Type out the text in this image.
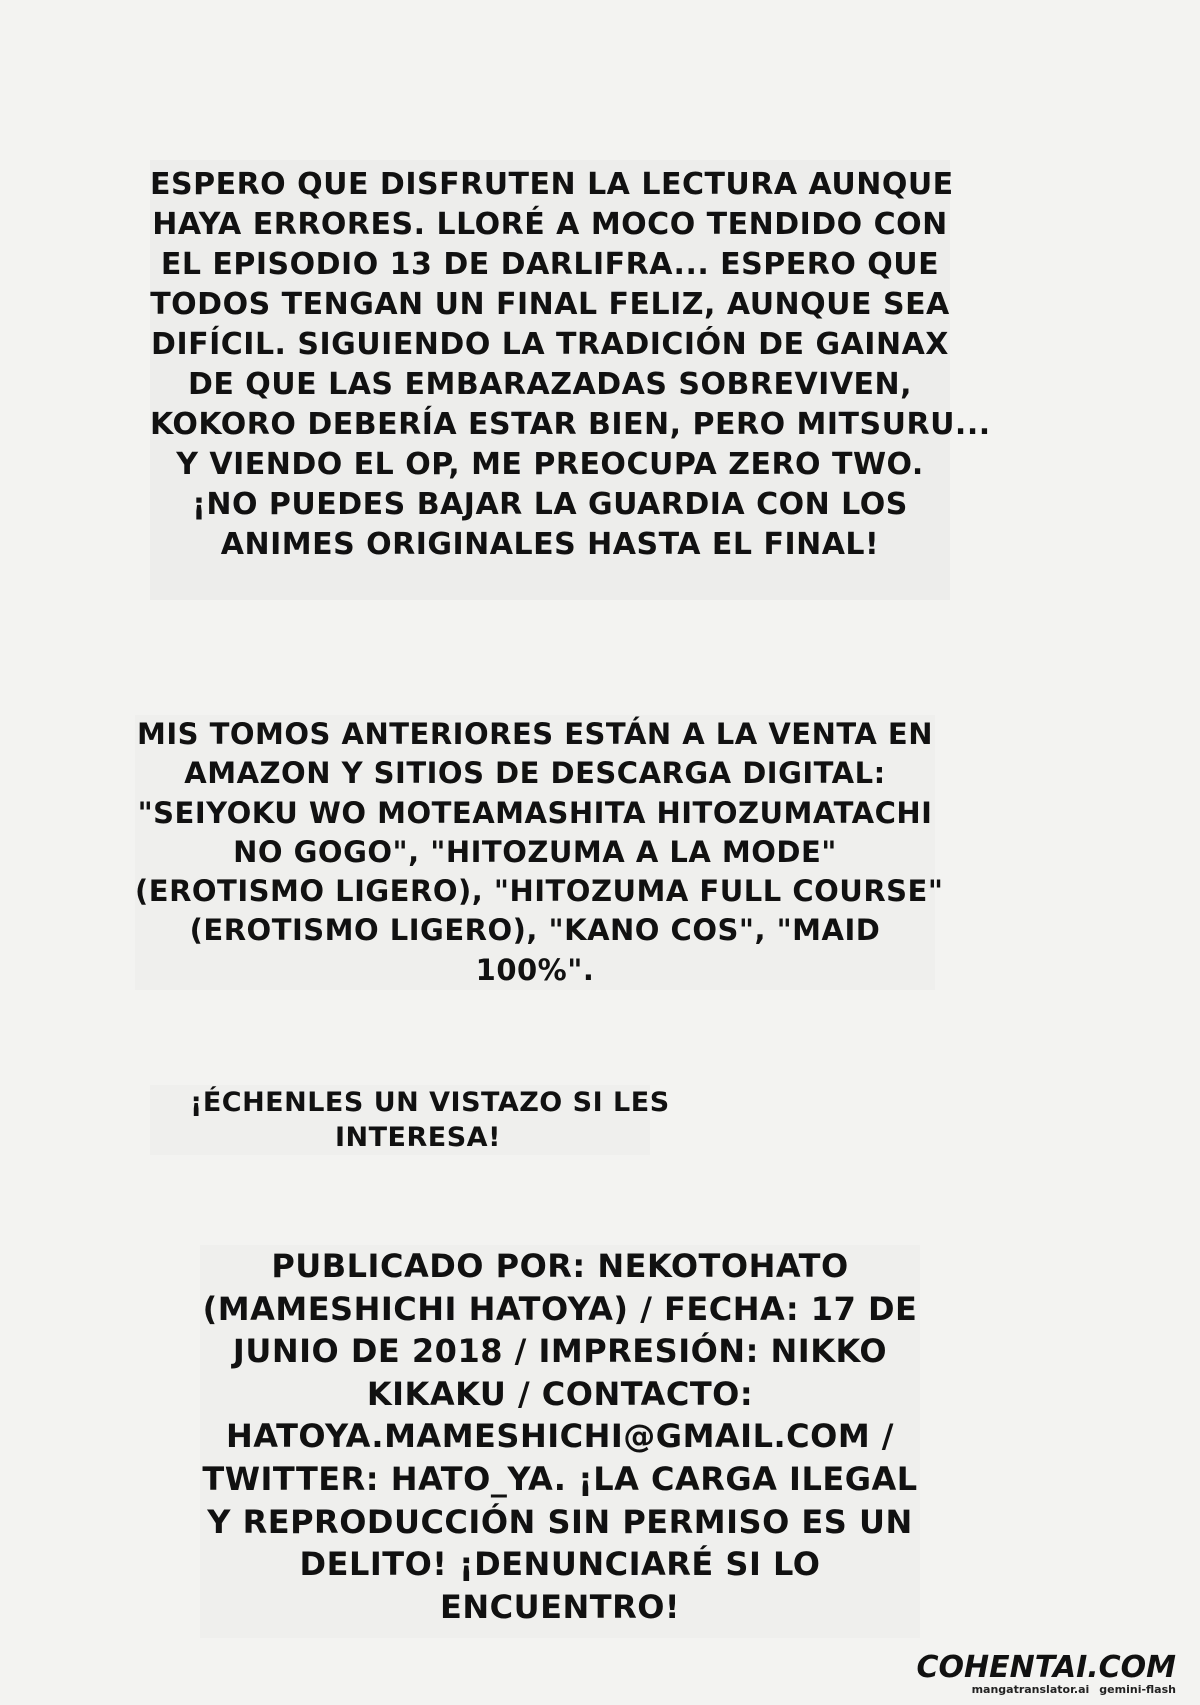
ESPERO QUE DISFRUTEN LA LECTURA AUNQUE
HAYA ERRORES. LLORÉ A MOCO TENDIDO CON
EL EPISODIO 13 DE DARLIFRA... ESPERO QUE
TODOS TENGAN UN FINAL FELIZ, AUNQUE SEA
DIFÍCIL. SIGUIENDO LA TRADICIÓN DE GAINAX
DE QUE LAS EMBARAZADAS SOBREVIVEN,
KOKORO DEBERÍA ESTAR BIEN, PERO MITSURU...
Y VIENDO EL OP, ME PREOCUPA ZERO TWO.
¡NO PUEDES BAJAR LA GUARDIA CON LOS
ANIMES ORIGINALES HASTA EL FINAL!
MIS TOMOS ANTERIORES ESTÁN A LA VENTA EN
AMAZON Y SITIOS DE DESCARGA DIGITAL:
"SEIYOKU WO MOTEAMASHITA HITOZUMATACHI
NO GOGO", "HITOZUMA A LA MODE"
(EROTISMO LIGERO), "HITOZUMA FULL COURSE"
(EROTISMO LIGERO), "KANO COS", "MAID
100%".
¡ÉCHENLES UN VISTAZO SI LES
INTERESA!
PUBLICADO POR: NEKOTOHATO
(MAMESHICHI HATOYA) / FECHA: 17 DE
JUNIO DE 2018 / IMPRESIÓN: NIKKO
KIKAKU / CONTACTO:
HATOYA.MAMESHICHI@GMAIL.COM /
TWITTER: HATO_YA. ¡LA CARGA ILEGAL
Y REPRODUCCIÓN SIN PERMISO ES UN
DELITO! ¡DENUNCIARÉ SI LO
ENCUENTRO!
COHENTAI.COM
mangatranslator.ai gemini-flash
